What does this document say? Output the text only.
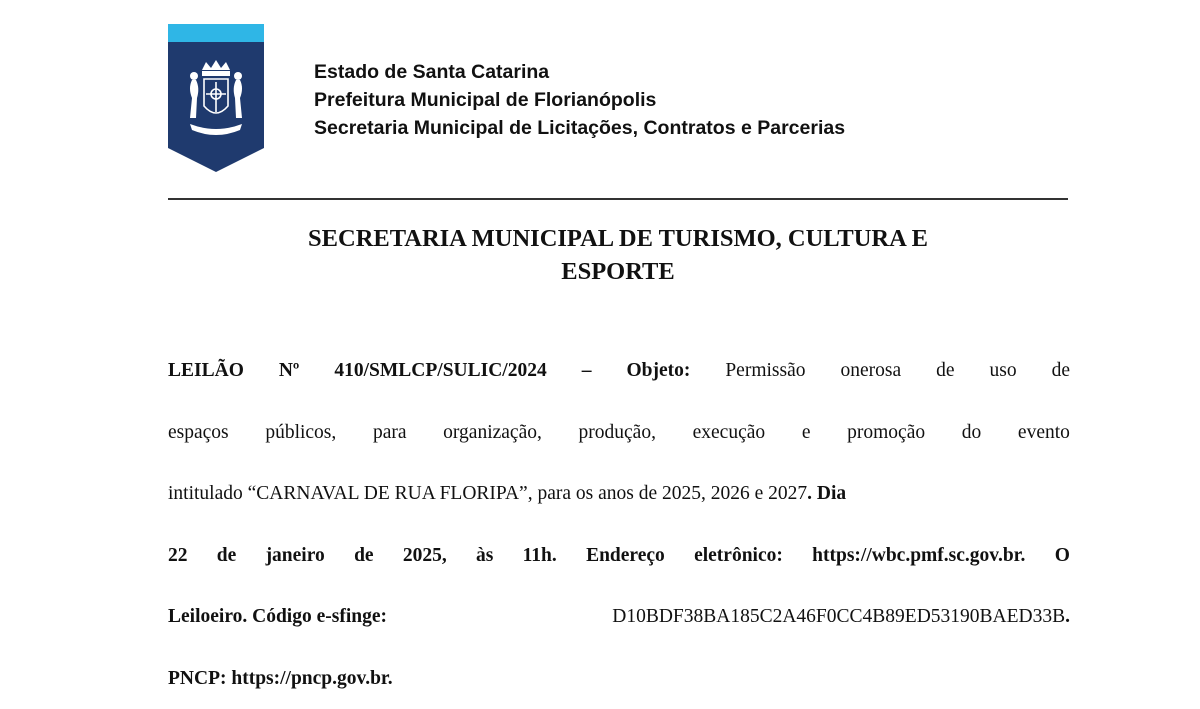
Estado de Santa Catarina
Prefeitura Municipal de Florianópolis
Secretaria Municipal de Licitações, Contratos e Parcerias
SECRETARIA MUNICIPAL DE TURISMO, CULTURA E
ESPORTE
LEILÃO Nº 410/SMLCP/SULIC/2024 – Objeto: Permissão onerosa de uso de
espaços públicos, para organização, produção, execução e promoção do evento
intitulado “CARNAVAL DE RUA FLORIPA”, para os anos de 2025, 2026 e 2027. Dia
22 de janeiro de 2025, às 11h. Endereço eletrônico: https://wbc.pmf.sc.gov.br. O
Leiloeiro. Código e-sfinge:	D10BDF38BA185C2A46F0CC4B89ED53190BAED33B.
PNCP: https://pncp.gov.br.
